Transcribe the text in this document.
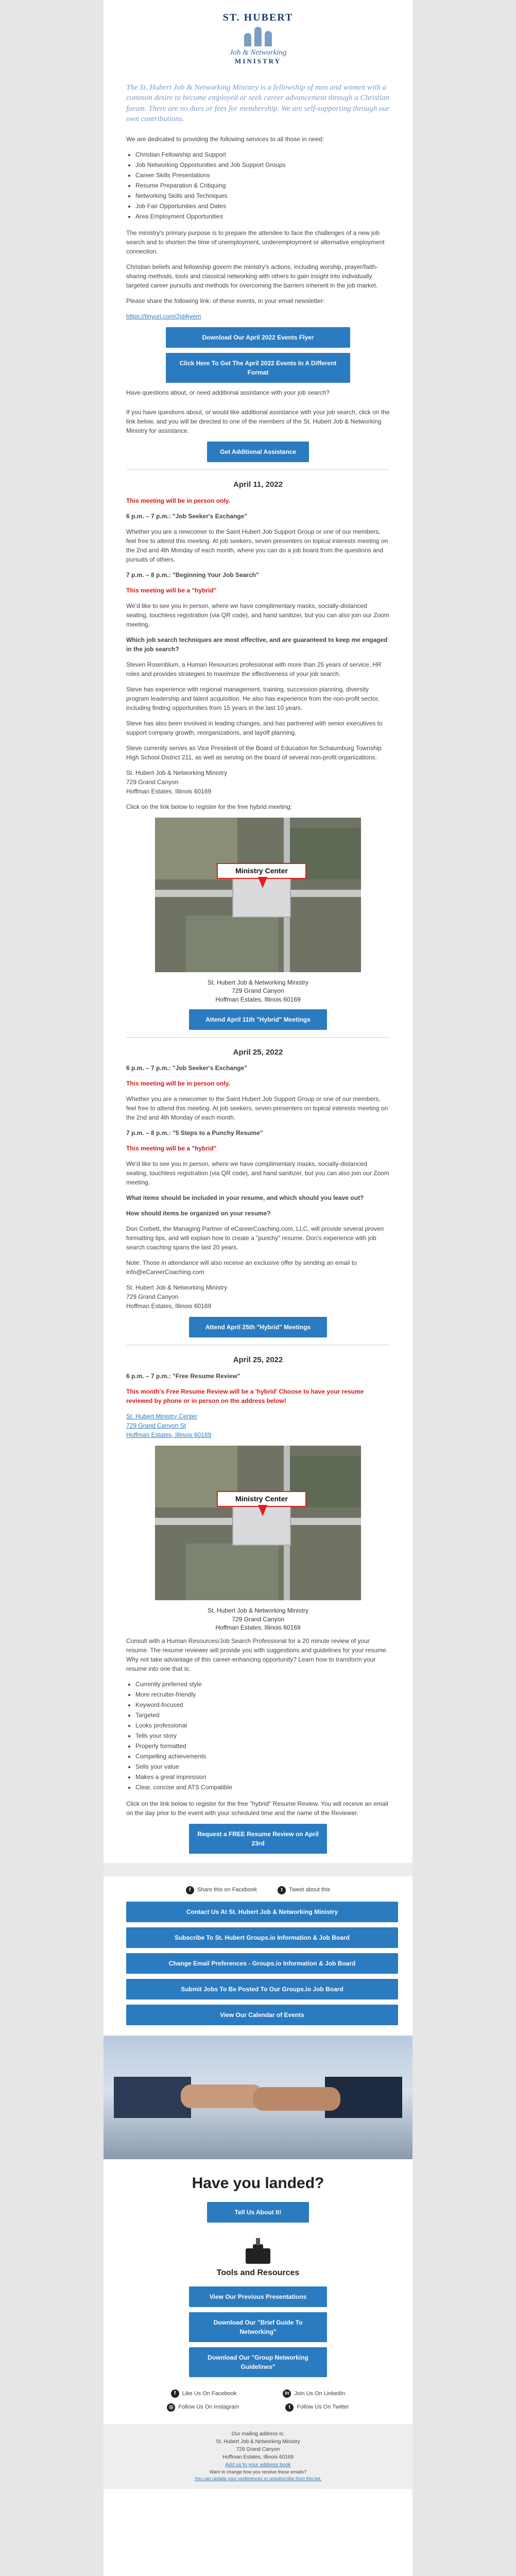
ST. HUBERT
Job & Networking
MINISTRY
The St. Hubert Job & Networking Ministry is a fellowship of men and women with a common desire to become employed or seek career advancement through a Christian forum. There are no dues or fees for membership. We are self-supporting through our own contributions.

We are dedicated to providing the following services to all those in need:

• Christian Fellowship and Support
• Job Networking Opportunities and Job Support Groups
• Career Skills Presentations
• Resume Preparation & Critiquing
• Networking Skills and Techniques
• Job Fair Opportunities and Dates
• Area Employment Opportunities

The ministry's primary purpose is to prepare the attendee to face the challenges of a new job search and to shorten the time of unemployment, underemployment or alternative employment connection.

Christian beliefs and fellowship govern the ministry's actions, including worship, prayer/faith-sharing methods, tools and classical networking with others to gain insight into individually targeted career pursuits and methods for overcoming the barriers inherent in the job market.

Please share the following link: of these events, in your email newsletter:

https://tinyurl.com/2jd4jyem

Download Our April 2022 Events Flyer
Click Here To Get The April 2022 Events In A Different Format

Have questions about, or need additional assistance with your job search?

If you have questions about, or would like additional assistance with your job search, click on the link below, and you will be directed to one of the members of the St. Hubert Job & Networking Ministry for assistance.

Get Additional Assistance
April 11, 2022

This meeting will be in person only.

6 p.m. – 7 p.m.: "Job Seeker's Exchange"

Whether you are a newcomer to the Saint Hubert Job Support Group or one of our members, feel free to attend this meeting. At job seekers, seven presenters on topical interests meeting on the 2nd and 4th Monday of each month, where you can do a job board from the questions and pursuits of others.

7 p.m. – 8 p.m.: "Beginning Your Job Search"

This meeting will be a "hybrid"

We'd like to see you in person, where we have complimentary masks, socially-distanced seating, touchless registration (via QR code), and hand sanitizer, but you can also join our Zoom meeting.

Which job search techniques are most effective, and are guaranteed to keep me engaged in the job search?

Steven Rosenblum, a Human Resources professional with more than 25 years of service, HR roles and provides strategies to maximize the effectiveness of your job search.

Steve has experience with regional management, training, succession planning, diversity program leadership and talent acquisition. He also has experience from the non-profit sector, including finding opportunities from 15 years in the last 10 years.

Steve has also been involved in leading changes, and has partnered with senior executives to support company growth, reorganizations, and layoff planning.

Steve currently serves as Vice President of the Board of Education for Schaumburg Township High School District 211, as well as serving on the board of several non-profit organizations.

St. Hubert Job & Networking Ministry
729 Grand Canyon
Hoffman Estates, Illinois 60169

Click on the link below to register for the free hybrid meeting:

Ministry Center
St. Hubert Job & Networking Ministry
729 Grand Canyon
Hoffman Estates, Illinois 60169
Attend April 11th "Hybrid" Meetings
April 25, 2022

6 p.m. – 7 p.m.: "Job Seeker's Exchange"

This meeting will be in person only.

Whether you are a newcomer to the Saint Hubert Job Support Group or one of our members, feel free to attend this meeting. At job seekers, seven presenters on topical interests meeting on the 2nd and 4th Monday of each month.

7 p.m. – 8 p.m.: "5 Steps to a Punchy Resume"

This meeting will be a "hybrid"

We'd like to see you in person, where we have complimentary masks, socially-distanced seating, touchless registration (via QR code), and hand sanitizer, but you can also join our Zoom meeting.

What items should be included in your resume, and which should you leave out?

How should items be organized on your resume?

Don Corbett, the Managing Partner of eCareerCoaching.com, LLC, will provide several proven formatting tips, and will explain how to create a "punchy" resume. Don's experience with job search coaching spans the last 20 years.

Note: Those in attendance will also receive an exclusive offer by sending an email to info@eCareerCoaching.com

St. Hubert Job & Networking Ministry
729 Grand Canyon
Hoffman Estates, Illinois 60169

Attend April 25th "Hybrid" Meetings
April 25, 2022

6 p.m. – 7 p.m.: "Free Resume Review"

This month's Free Resume Review will be a 'hybrid' Choose to have your resume reviewed by phone or in person on the address below!

St. Hubert Ministry Center
729 Grand Canyon St
Hoffman Estates, Illinois 60169

Ministry Center
St. Hubert Job & Networking Ministry
729 Grand Canyon
Hoffman Estates, Illinois 60169

Consult with a Human Resources/Job Search Professional for a 20 minute review of your resume. The resume reviewer will provide you with suggestions and guidelines for your resume. Why not take advantage of this career-enhancing opportunity? Learn how to transform your resume into one that is:

• Currently preferred style
• More recruiter-friendly
• Keyword-focused
• Targeted
• Looks professional
• Tells your story
• Properly formatted
• Compelling achievements
• Sells your value
• Makes a great impression
• Clear, concise and ATS Compatible

Click on the link below to register for the free "hybrid" Resume Review. You will receive an email on the day prior to the event with your scheduled time and the name of the Reviewer.

Request a FREE Resume Review on April 23rd
f	Share this on Facebook	t	Tweet about this
Contact Us At St. Hubert Job & Networking Ministry
Subscribe To St. Hubert Groups.io Information & Job Board
Change Email Preferences - Groups.io Information & Job Board
Submit Jobs To Be Posted To Our Groups.io Job Board
View Our Calendar of Events
Have you landed?
Tell Us About It!
Tools and Resources
View Our Previous Presentations
Download Our "Brief Guide To Networking"
Download Our "Group Networking Guidelines"
f	Like Us On Facebook	in Join Us On LinkedIn
◎ Follow Us On Instagram	t	Follow Us On Twitter
Our mailing address is:
St. Hubert Job & Networking Ministry
729 Grand Canyon
Hoffman Estates, Illinois 60169
Add us to your address book
Want to change how you receive these emails?
You can update your preferences or unsubscribe from this list.
